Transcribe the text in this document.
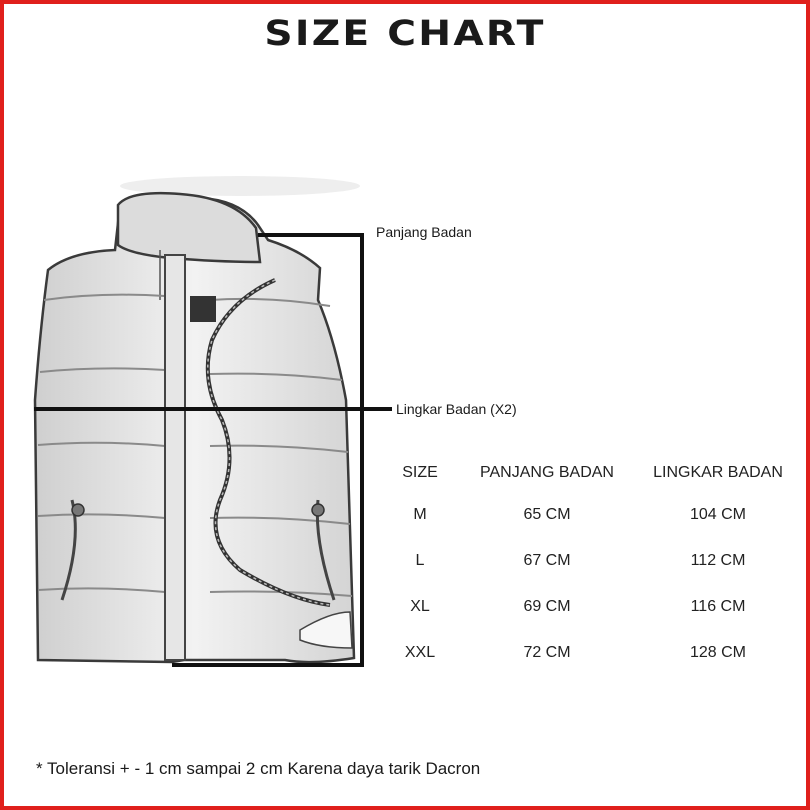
SIZE CHART
Panjang Badan
Lingkar Badan (X2)
SIZE	PANJANG BADAN	LINGKAR BADAN
M	65 CM	104 CM
L	67 CM	112 CM
XL	69 CM	116 CM
XXL	72 CM	128 CM
* Toleransi + - 1 cm sampai 2 cm Karena daya tarik Dacron
